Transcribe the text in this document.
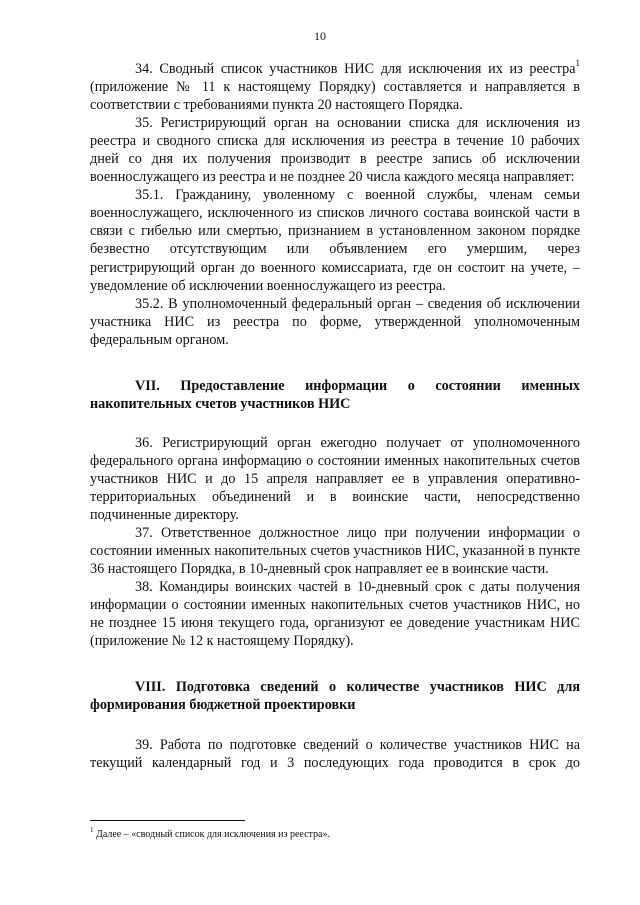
10

34. Сводный список участников НИС для исключения их из реестра$^1$ (приложение № 11 к настоящему Порядку) составляется и направляется в соответствии с требованиями пункта 20 настоящего Порядка.

35. Регистрирующий орган на основании списка для исключения из реестра и сводного списка для исключения из реестра в течение 10 рабочих дней со дня их получения производит в реестре запись об исключении военнослужащего из реестра и не позднее 20 числа каждого месяца направляет:

35.1. Гражданину, уволенному с военной службы, членам семьи военнослужащего, исключенного из списков личного состава воинской части в связи с гибелью или смертью, признанием в установленном законом порядке безвестно отсутствующим или объявлением его умершим, через регистрирующий орган до военного комиссариата, где он состоит на учете, – уведомление об исключении военнослужащего из реестра.

35.2. В уполномоченный федеральный орган – сведения об исключении участника НИС из реестра по форме, утвержденной уполномоченным федеральным органом.

VII. Предоставление информации о состоянии именных накопительных счетов участников НИС

36. Регистрирующий орган ежегодно получает от уполномоченного федерального органа информацию о состоянии именных накопительных счетов участников НИС и до 15 апреля направляет ее в управления оперативно-территориальных объединений и в воинские части, непосредственно подчиненные директору.

37. Ответственное должностное лицо при получении информации о состоянии именных накопительных счетов участников НИС, указанной в пункте 36 настоящего Порядка, в 10-дневный срок направляет ее в воинские части.

38. Командиры воинских частей в 10-дневный срок с даты получения информации о состоянии именных накопительных счетов участников НИС, но не позднее 15 июня текущего года, организуют ее доведение участникам НИС (приложение № 12 к настоящему Порядку).

VIII. Подготовка сведений о количестве участников НИС для формирования бюджетной проектировки

39. Работа по подготовке сведений о количестве участников НИС на текущий календарный год и 3 последующих года проводится в срок до

$^1$ Далее – «сводный список для исключения из реестра».
